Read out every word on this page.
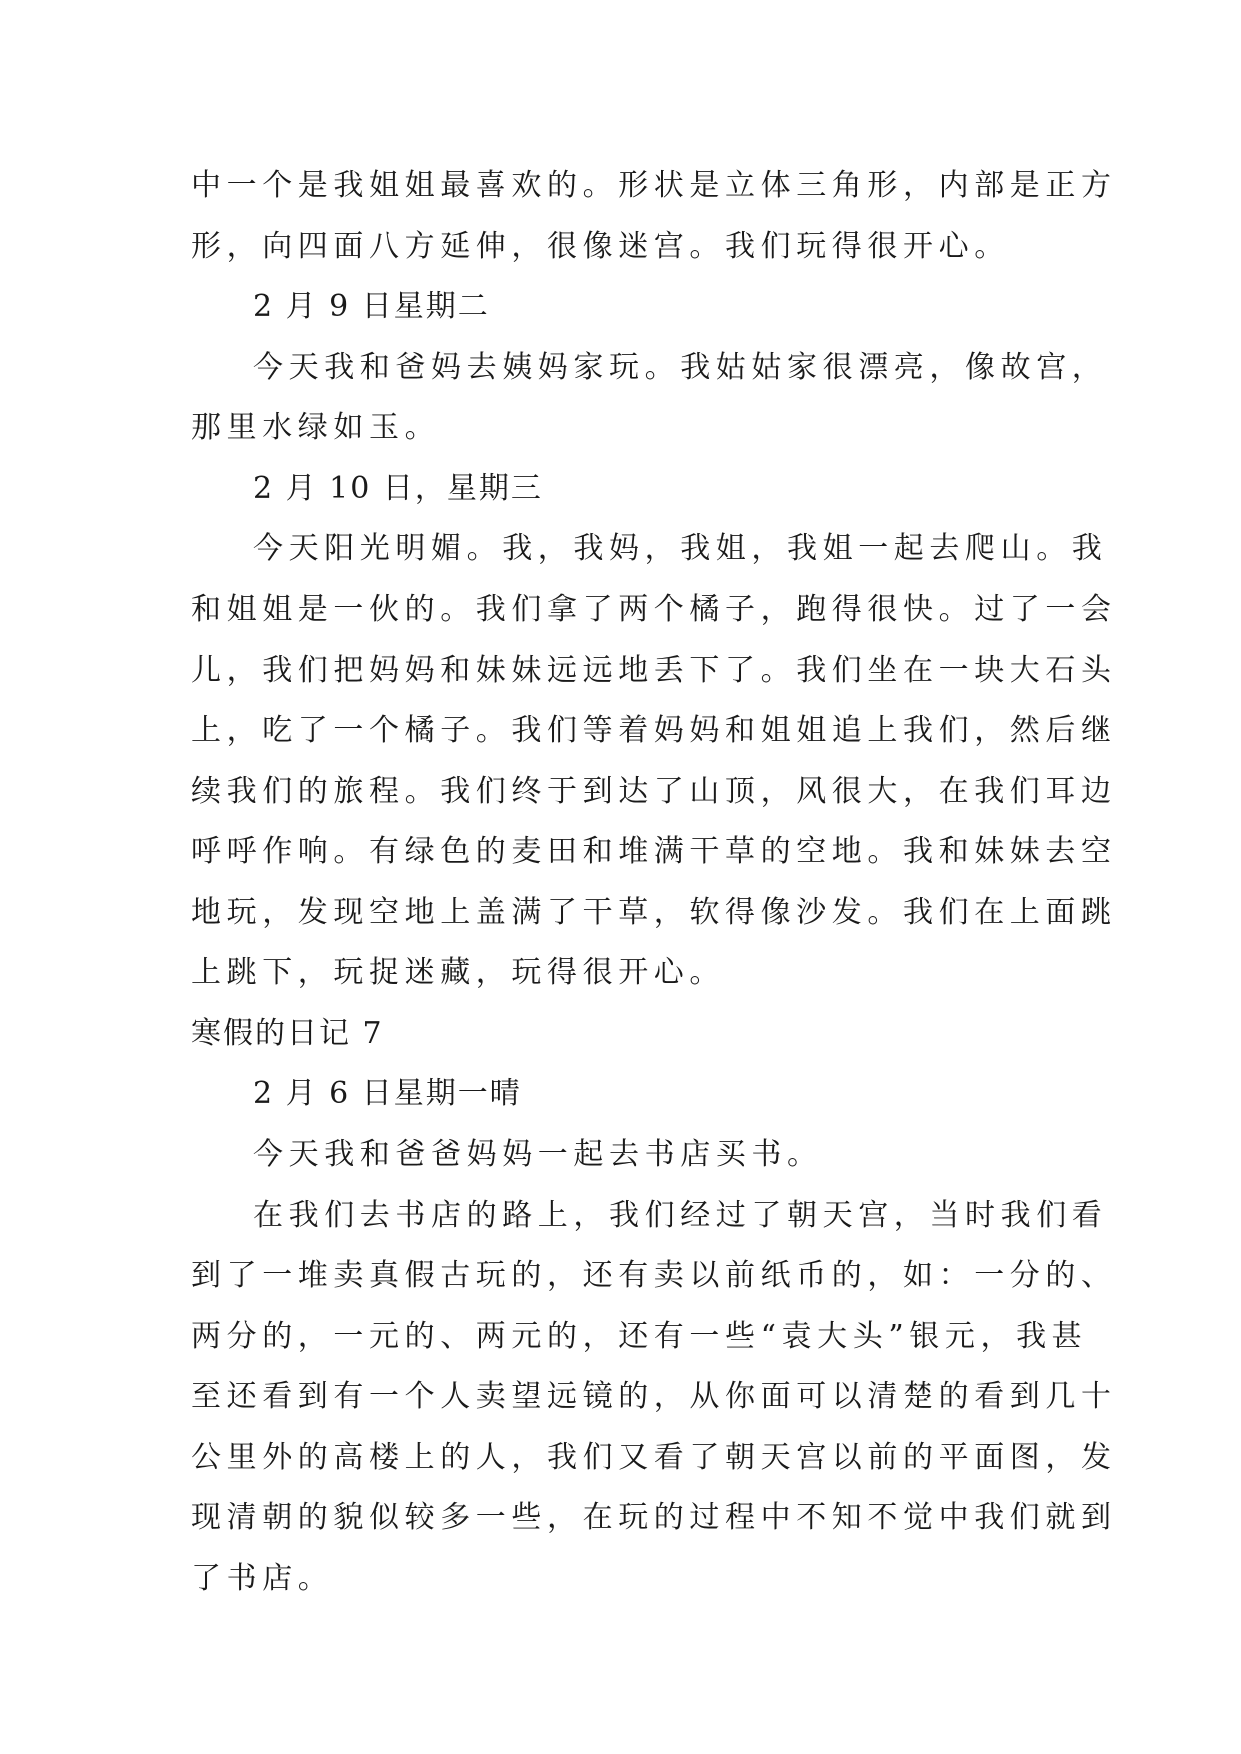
中一个是我姐姐最喜欢的。形状是立体三角形，内部是正方
形，向四面八方延伸，很像迷宫。我们玩得很开心。
2 月 9 日星期二
今天我和爸妈去姨妈家玩。我姑姑家很漂亮，像故宫，
那里水绿如玉。
2 月 10 日，星期三
今天阳光明媚。我，我妈，我姐，我姐一起去爬山。我
和姐姐是一伙的。我们拿了两个橘子，跑得很快。过了一会
儿，我们把妈妈和妹妹远远地丢下了。我们坐在一块大石头
上，吃了一个橘子。我们等着妈妈和姐姐追上我们，然后继
续我们的旅程。我们终于到达了山顶，风很大，在我们耳边
呼呼作响。有绿色的麦田和堆满干草的空地。我和妹妹去空
地玩，发现空地上盖满了干草，软得像沙发。我们在上面跳
上跳下，玩捉迷藏，玩得很开心。
寒假的日记 7
2 月 6 日星期一晴
今天我和爸爸妈妈一起去书店买书。
在我们去书店的路上，我们经过了朝天宫，当时我们看
到了一堆卖真假古玩的，还有卖以前纸币的，如：一分的、
两分的，一元的、两元的，还有一些“袁大头”银元，我甚
至还看到有一个人卖望远镜的，从你面可以清楚的看到几十
公里外的高楼上的人，我们又看了朝天宫以前的平面图，发
现清朝的貌似较多一些，在玩的过程中不知不觉中我们就到
了书店。
